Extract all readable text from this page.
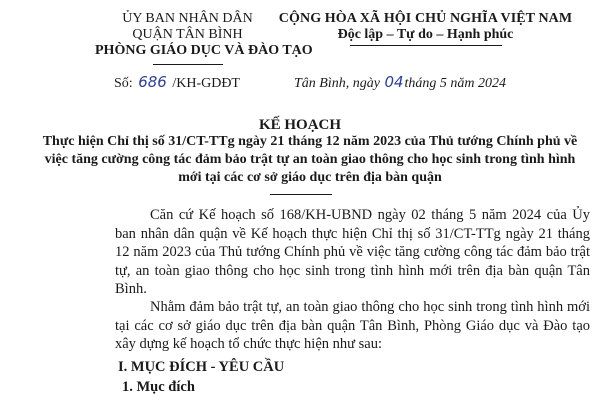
ỦY BAN NHÂN DÂN
QUẬN TÂN BÌNH
PHÒNG GIÁO DỤC VÀ ĐÀO TẠO
CỘNG HÒA XÃ HỘI CHỦ NGHĨA VIỆT NAM
Độc lập – Tự do – Hạnh phúc
Số: 686 /KH-GDĐT	Tân Bình, ngày 04tháng 5 năm 2024
KẾ HOẠCH
Thực hiện Chỉ thị số 31/CT-TTg ngày 21 tháng 12 năm 2023 của Thủ tướng Chính phủ về việc tăng cường công tác đảm bảo trật tự an toàn giao thông cho học sinh trong tình hình mới tại các cơ sở giáo dục trên địa bàn quận
Căn cứ Kế hoạch số 168/KH-UBND ngày 02 tháng 5 năm 2024 của Ủy ban nhân dân quận về Kế hoạch thực hiện Chỉ thị số 31/CT-TTg ngày 21 tháng 12 năm 2023 của Thủ tướng Chính phủ về việc tăng cường công tác đảm bảo trật tự, an toàn giao thông cho học sinh trong tình hình mới trên địa bàn quận Tân Bình.
Nhằm đảm bảo trật tự, an toàn giao thông cho học sinh trong tình hình mới tại các cơ sở giáo dục trên địa bàn quận Tân Bình, Phòng Giáo dục và Đào tạo xây dựng kế hoạch tổ chức thực hiện như sau:
I. MỤC ĐÍCH - YÊU CẦU
1. Mục đích
